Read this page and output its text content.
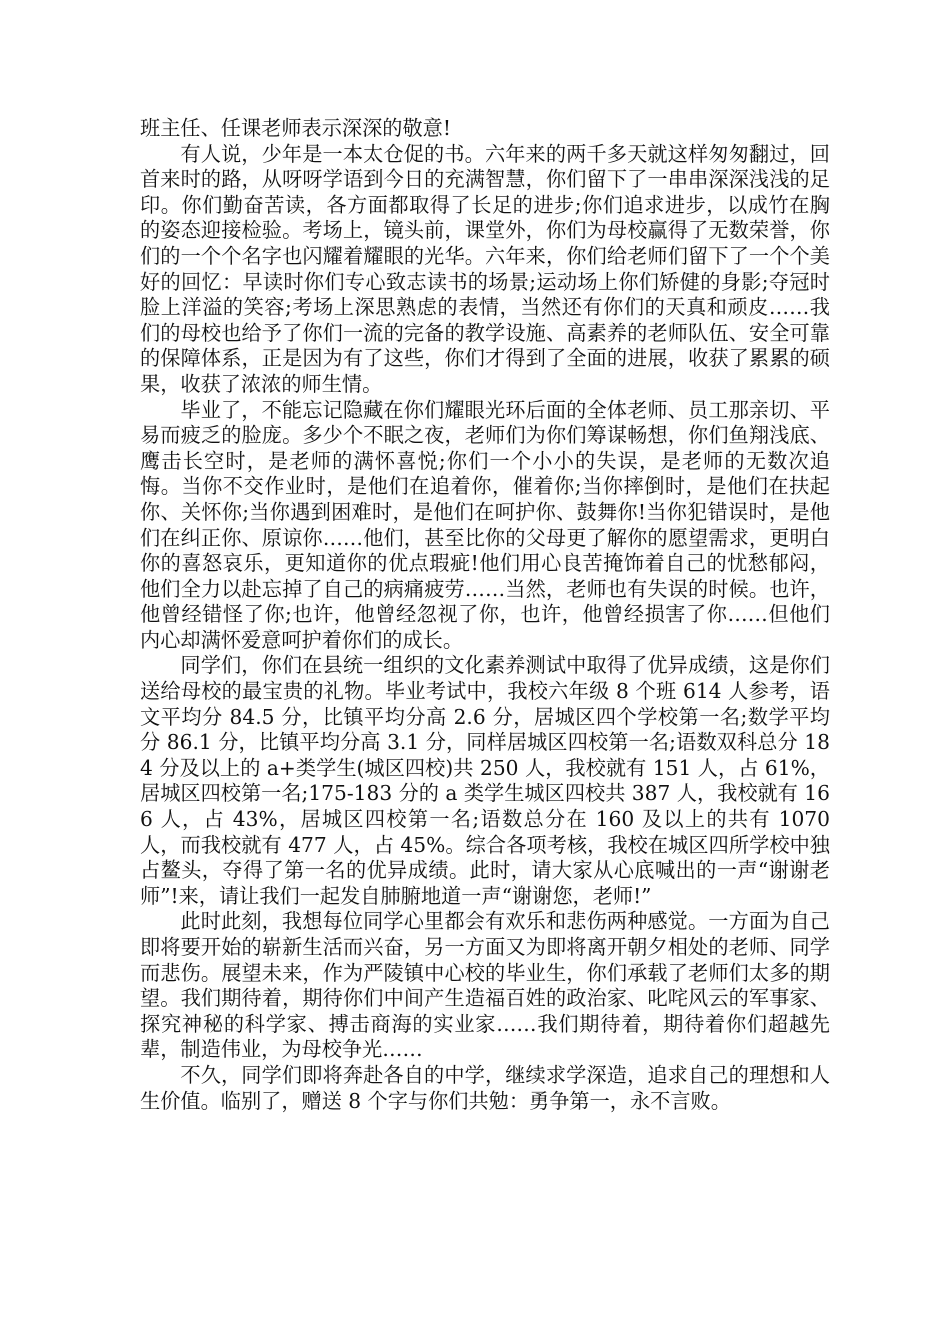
班主任、任课老师表示深深的敬意!

有人说，少年是一本太仓促的书。六年来的两千多天就这样匆匆翻过，回首来时的路，从呀呀学语到今日的充满智慧，你们留下了一串串深深浅浅的足印。你们勤奋苦读，各方面都取得了长足的进步;你们追求进步，以成竹在胸的姿态迎接检验。考场上，镜头前，课堂外，你们为母校赢得了无数荣誉，你们的一个个名字也闪耀着耀眼的光华。六年来，你们给老师们留下了一个个美好的回忆：早读时你们专心致志读书的场景;运动场上你们矫健的身影;夺冠时脸上洋溢的笑容;考场上深思熟虑的表情，当然还有你们的天真和顽皮……我们的母校也给予了你们一流的完备的教学设施、高素养的老师队伍、安全可靠的保障体系，正是因为有了这些，你们才得到了全面的进展，收获了累累的硕果，收获了浓浓的师生情。

毕业了，不能忘记隐藏在你们耀眼光环后面的全体老师、员工那亲切、平易而疲乏的脸庞。多少个不眠之夜，老师们为你们筹谋畅想，你们鱼翔浅底、鹰击长空时，是老师的满怀喜悦;你们一个小小的失误，是老师的无数次追悔。当你不交作业时，是他们在追着你，催着你;当你摔倒时，是他们在扶起你、关怀你;当你遇到困难时，是他们在呵护你、鼓舞你!当你犯错误时，是他们在纠正你、原谅你……他们，甚至比你的父母更了解你的愿望需求，更明白你的喜怒哀乐，更知道你的优点瑕疵!他们用心良苦掩饰着自己的忧愁郁闷，他们全力以赴忘掉了自己的病痛疲劳……当然，老师也有失误的时候。也许，他曾经错怪了你;也许，他曾经忽视了你，也许，他曾经损害了你……但他们内心却满怀爱意呵护着你们的成长。

同学们，你们在县统一组织的文化素养测试中取得了优异成绩，这是你们送给母校的最宝贵的礼物。毕业考试中，我校六年级 8 个班 614 人参考，语文平均分 84.5 分，比镇平均分高 2.6 分，居城区四个学校第一名;数学平均分 86.1 分，比镇平均分高 3.1 分，同样居城区四校第一名;语数双科总分 184 分及以上的 a+类学生(城区四校)共 250 人，我校就有 151 人，占 61%，居城区四校第一名;175-183 分的 a 类学生城区四校共 387 人，我校就有 166 人，占 43%，居城区四校第一名;语数总分在 160 及以上的共有 1070 人，而我校就有 477 人，占 45%。综合各项考核，我校在城区四所学校中独占鳌头，夺得了第一名的优异成绩。此时，请大家从心底喊出的一声“谢谢老师”!来，请让我们一起发自肺腑地道一声“谢谢您，老师!”

此时此刻，我想每位同学心里都会有欢乐和悲伤两种感觉。一方面为自己即将要开始的崭新生活而兴奋，另一方面又为即将离开朝夕相处的老师、同学而悲伤。展望未来，作为严陵镇中心校的毕业生，你们承载了老师们太多的期望。我们期待着，期待你们中间产生造福百姓的政治家、叱咤风云的军事家、探究神秘的科学家、搏击商海的实业家……我们期待着，期待着你们超越先辈，制造伟业，为母校争光……

不久，同学们即将奔赴各自的中学，继续求学深造，追求自己的理想和人生价值。临别了，赠送 8 个字与你们共勉：勇争第一，永不言败。
